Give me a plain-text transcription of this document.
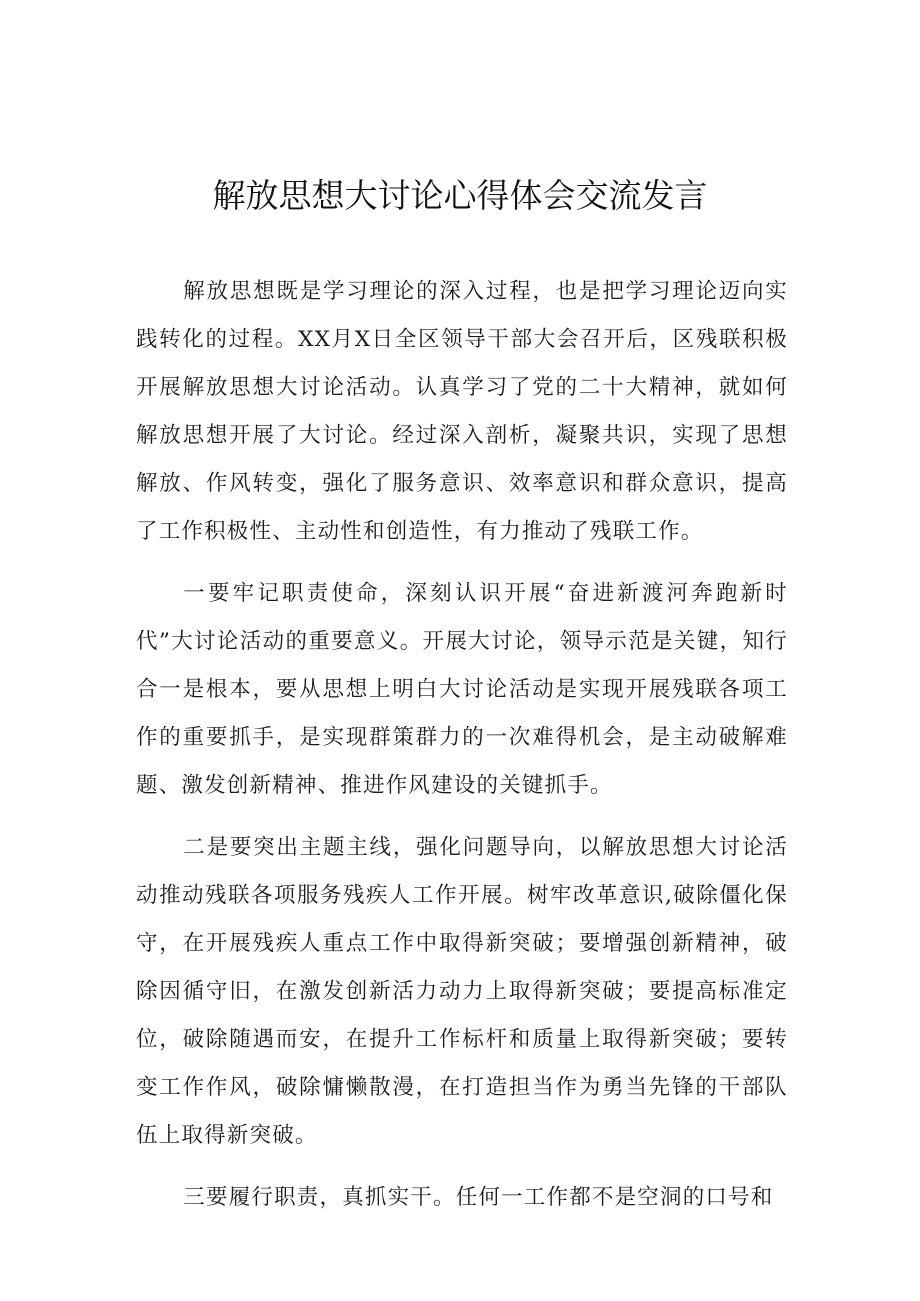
解放思想大讨论心得体会交流发言

解放思想既是学习理论的深入过程，也是把学习理论迈向实践转化的过程。XX月X日全区领导干部大会召开后，区残联积极开展解放思想大讨论活动。认真学习了党的二十大精神，就如何解放思想开展了大讨论。经过深入剖析，凝聚共识，实现了思想解放、作风转变，强化了服务意识、效率意识和群众意识，提高了工作积极性、主动性和创造性，有力推动了残联工作。

一要牢记职责使命，深刻认识开展“奋进新渡河奔跑新时代”大讨论活动的重要意义。开展大讨论，领导示范是关键，知行合一是根本，要从思想上明白大讨论活动是实现开展残联各项工作的重要抓手，是实现群策群力的一次难得机会，是主动破解难题、激发创新精神、推进作风建设的关键抓手。

二是要突出主题主线，强化问题导向，以解放思想大讨论活动推动残联各项服务残疾人工作开展。树牢改革意识,破除僵化保守，在开展残疾人重点工作中取得新突破；要增强创新精神，破除因循守旧，在激发创新活力动力上取得新突破；要提高标准定位，破除随遇而安，在提升工作标杆和质量上取得新突破；要转变工作作风，破除慵懒散漫，在打造担当作为勇当先锋的干部队伍上取得新突破。

三要履行职责，真抓实干。任何一工作都不是空洞的口号和
